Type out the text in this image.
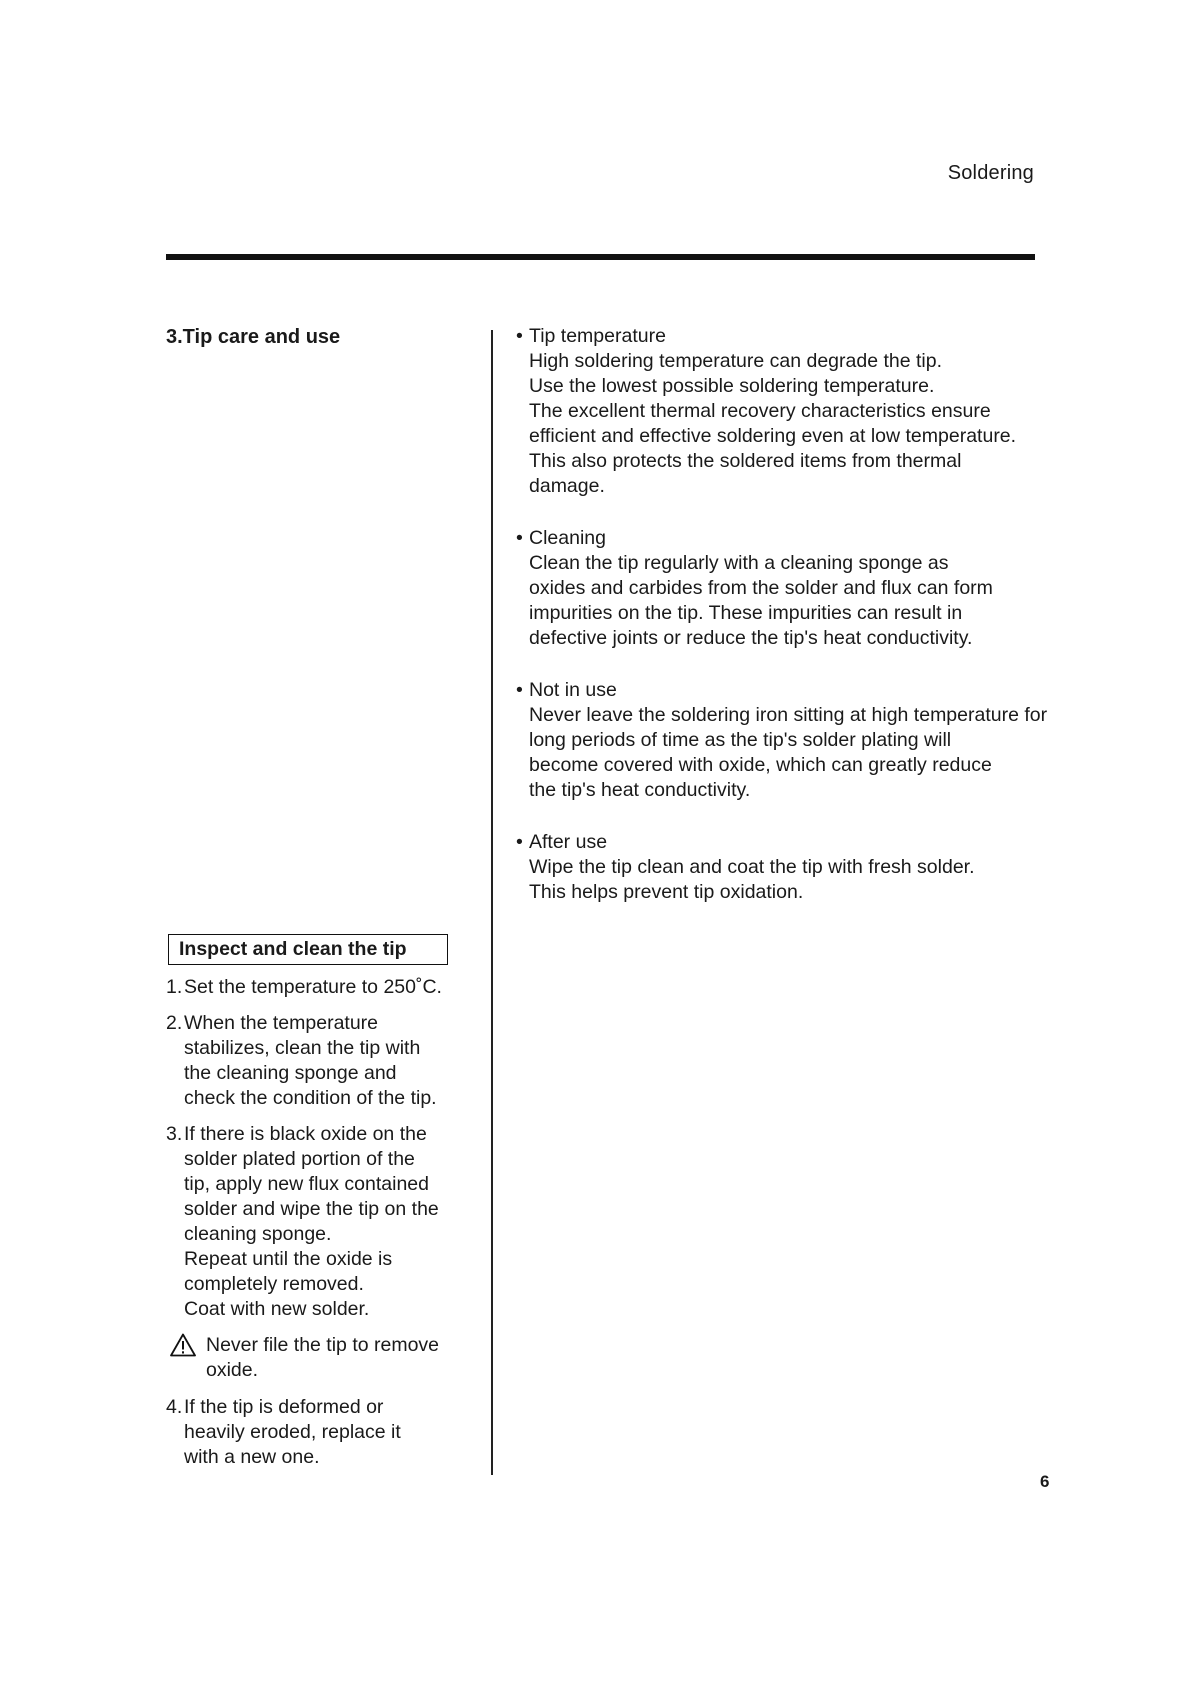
Soldering
3.Tip care and use
Inspect and clean the tip
1. Set the temperature to 250˚C.
2. When the temperature
stabilizes, clean the tip with
the cleaning sponge and
check the condition of the tip.
3. If there is black oxide on the
solder plated portion of the
tip, apply new flux contained
solder and wipe the tip on the
cleaning sponge.
Repeat until the oxide is
completely removed.
Coat with new solder.
Never file the tip to remove
oxide.
4. If the tip is deformed or
heavily eroded, replace it
with a new one.
• Tip temperature
High soldering temperature can degrade the tip.
Use the lowest possible soldering temperature.
The excellent thermal recovery characteristics ensure
efficient and effective soldering even at low temperature.
This also protects the soldered items from thermal
damage.
• Cleaning
Clean the tip regularly with a cleaning sponge as
oxides and carbides from the solder and flux can form
impurities on the tip. These impurities can result in
defective joints or reduce the tip's heat conductivity.
• Not in use
Never leave the soldering iron sitting at high temperature for
long periods of time as the tip's solder plating will
become covered with oxide, which can greatly reduce
the tip's heat conductivity.
• After use
Wipe the tip clean and coat the tip with fresh solder.
This helps prevent tip oxidation.
6
